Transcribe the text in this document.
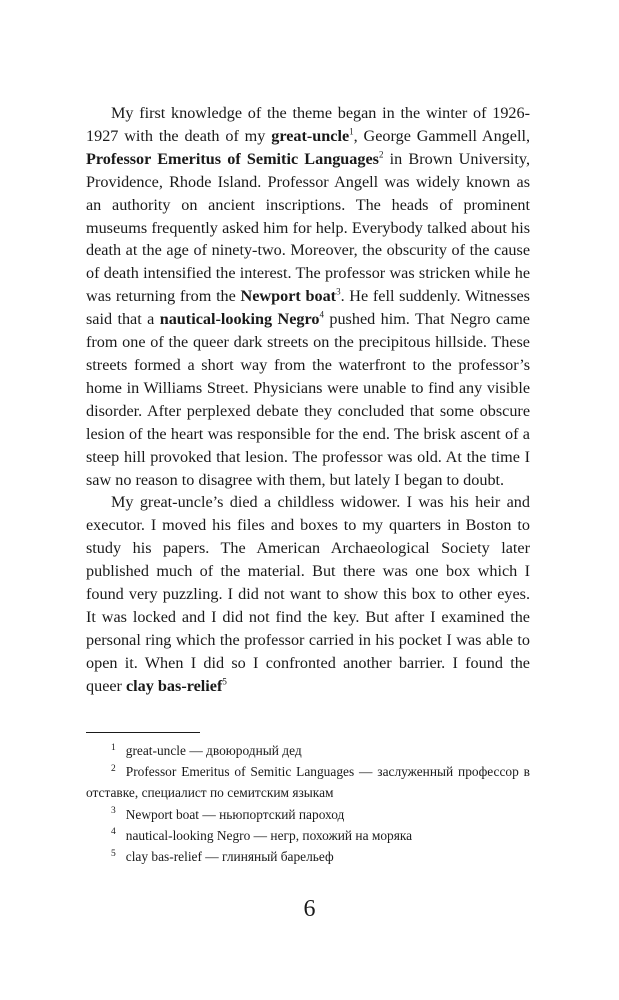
My first knowledge of the theme began in the winter of 1926-1927 with the death of my great-uncle$^1$, George Gammell Angell, Professor Emeritus of Semitic Languages$^2$ in Brown University, Providence, Rhode Island. Professor Angell was widely known as an authority on ancient inscriptions. The heads of prominent museums frequently asked him for help. Everybody talked about his death at the age of ninety-two. Moreover, the obscurity of the cause of death intensified the interest. The professor was stricken while he was returning from the Newport boat$^3$. He fell suddenly. Witnesses said that a nautical-looking Negro$^4$ pushed him. That Negro came from one of the queer dark streets on the precipitous hillside. These streets formed a short way from the waterfront to the professor’s home in Williams Street. Physicians were unable to find any visible disorder. After perplexed debate they concluded that some obscure lesion of the heart was responsible for the end. The brisk ascent of a steep hill provoked that lesion. The professor was old. At the time I saw no reason to disagree with them, but lately I began to doubt.

My great-uncle’s died a childless widower. I was his heir and executor. I moved his files and boxes to my quarters in Boston to study his papers. The American Archaeological Society later published much of the material. But there was one box which I found very puzzling. I did not want to show this box to other eyes. It was locked and I did not find the key. But after I examined the personal ring which the professor carried in his pocket I was able to open it. When I did so I confronted another barrier. I found the queer clay bas-relief$^5$

$^1$ great-uncle — двоюродный дед

$^2$ Professor Emeritus of Semitic Languages — заслуженный профессор в отставке, специалист по семитским языкам

$^3$ Newport boat — ньюпортский пароход

$^4$ nautical-looking Negro — негр, похожий на моряка

$^5$ clay bas-relief — глиняный барельеф

6
